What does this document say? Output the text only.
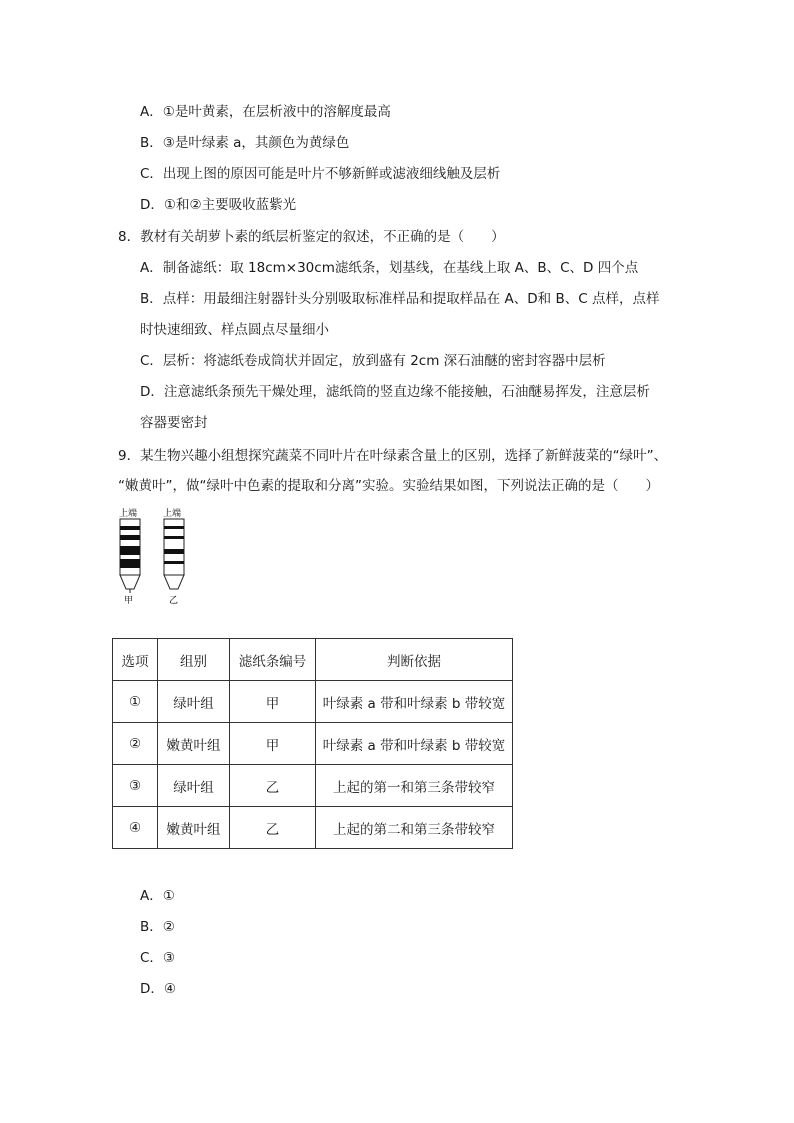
A．①是叶黄素，在层析液中的溶解度最高
B．③是叶绿素 a，其颜色为黄绿色
C．出现上图的原因可能是叶片不够新鲜或滤液细线触及层析
D．①和②主要吸收蓝紫光
8．教材有关胡萝卜素的纸层析鉴定的叙述，不正确的是（　　）
A．制备滤纸：取 18cm×30cm滤纸条，划基线，在基线上取 A、B、C、D 四个点
B．点样：用最细注射器针头分别吸取标准样品和提取样品在 A、D和 B、C 点样，点样
时快速细致、样点圆点尽量细小
C．层析：将滤纸卷成筒状并固定，放到盛有 2cm 深石油醚的密封容器中层析
D．注意滤纸条预先干燥处理，滤纸筒的竖直边缘不能接触，石油醚易挥发，注意层析
容器要密封
9．某生物兴趣小组想探究蔬菜不同叶片在叶绿素含量上的区别，选择了新鲜菠菜的“绿叶”、
“嫩黄叶”，做“绿叶中色素的提取和分离”实验。实验结果如图，下列说法正确的是（　　）
上端	上端
甲	乙
选项	组别	滤纸条编号	判断依据
①	绿叶组	甲	叶绿素 a 带和叶绿素 b 带较宽
②	嫩黄叶组	甲	叶绿素 a 带和叶绿素 b 带较宽
③	绿叶组	乙	上起的第一和第三条带较窄
④	嫩黄叶组	乙	上起的第二和第三条带较窄
A．①
B．②
C．③
D．④
